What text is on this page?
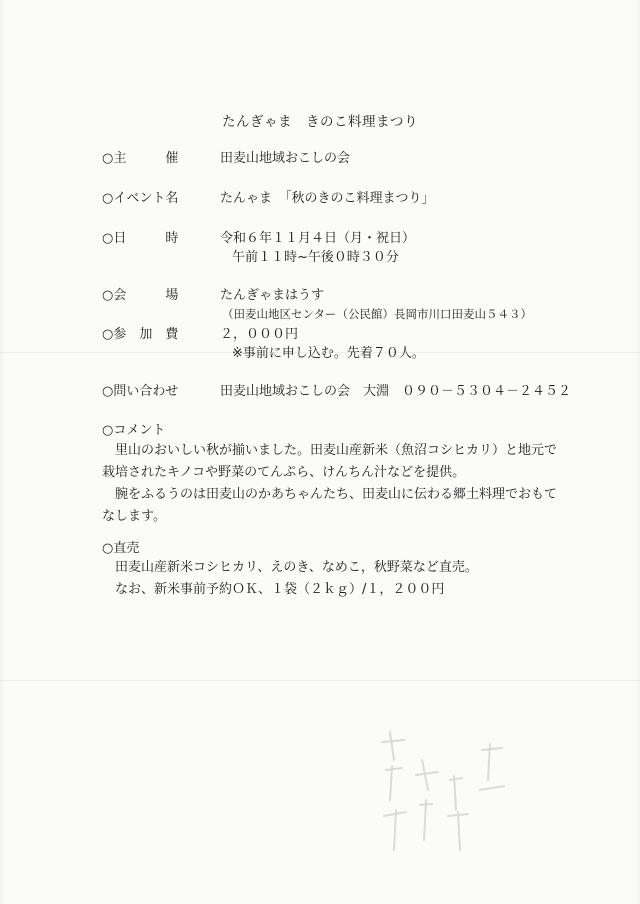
たんぎゃま　きのこ料理まつり
○主　　　催	田麦山地域おこしの会
○イベント名	たんゃま　「秋のきのこ料理まつり」
○日　　　時	令和６年１１月４日（月・祝日）
午前１１時~午後０時３０分
○会　　　場	たんぎゃまはうす
（田麦山地区センター（公民館）長岡市川口田麦山５４３）
○参　加　費	２，０００円
※事前に申し込む。先着７０人。
○問い合わせ	田麦山地域おこしの会　大淵　０９０－５３０４－２４５２
○コメント

里山のおいしい秋が揃いました。田麦山産新米（魚沼コシヒカリ）と地元で

栽培されたキノコや野菜のてんぷら、けんちん汁などを提供。

腕をふるうのは田麦山のかあちゃんたち、田麦山に伝わる郷土料理でおもて

なします。

○直売

田麦山産新米コシヒカリ、えのき、なめこ，秋野菜など直売。

なお、新米事前予約ＯＫ、１袋（２ｋｇ）/１，２００円
